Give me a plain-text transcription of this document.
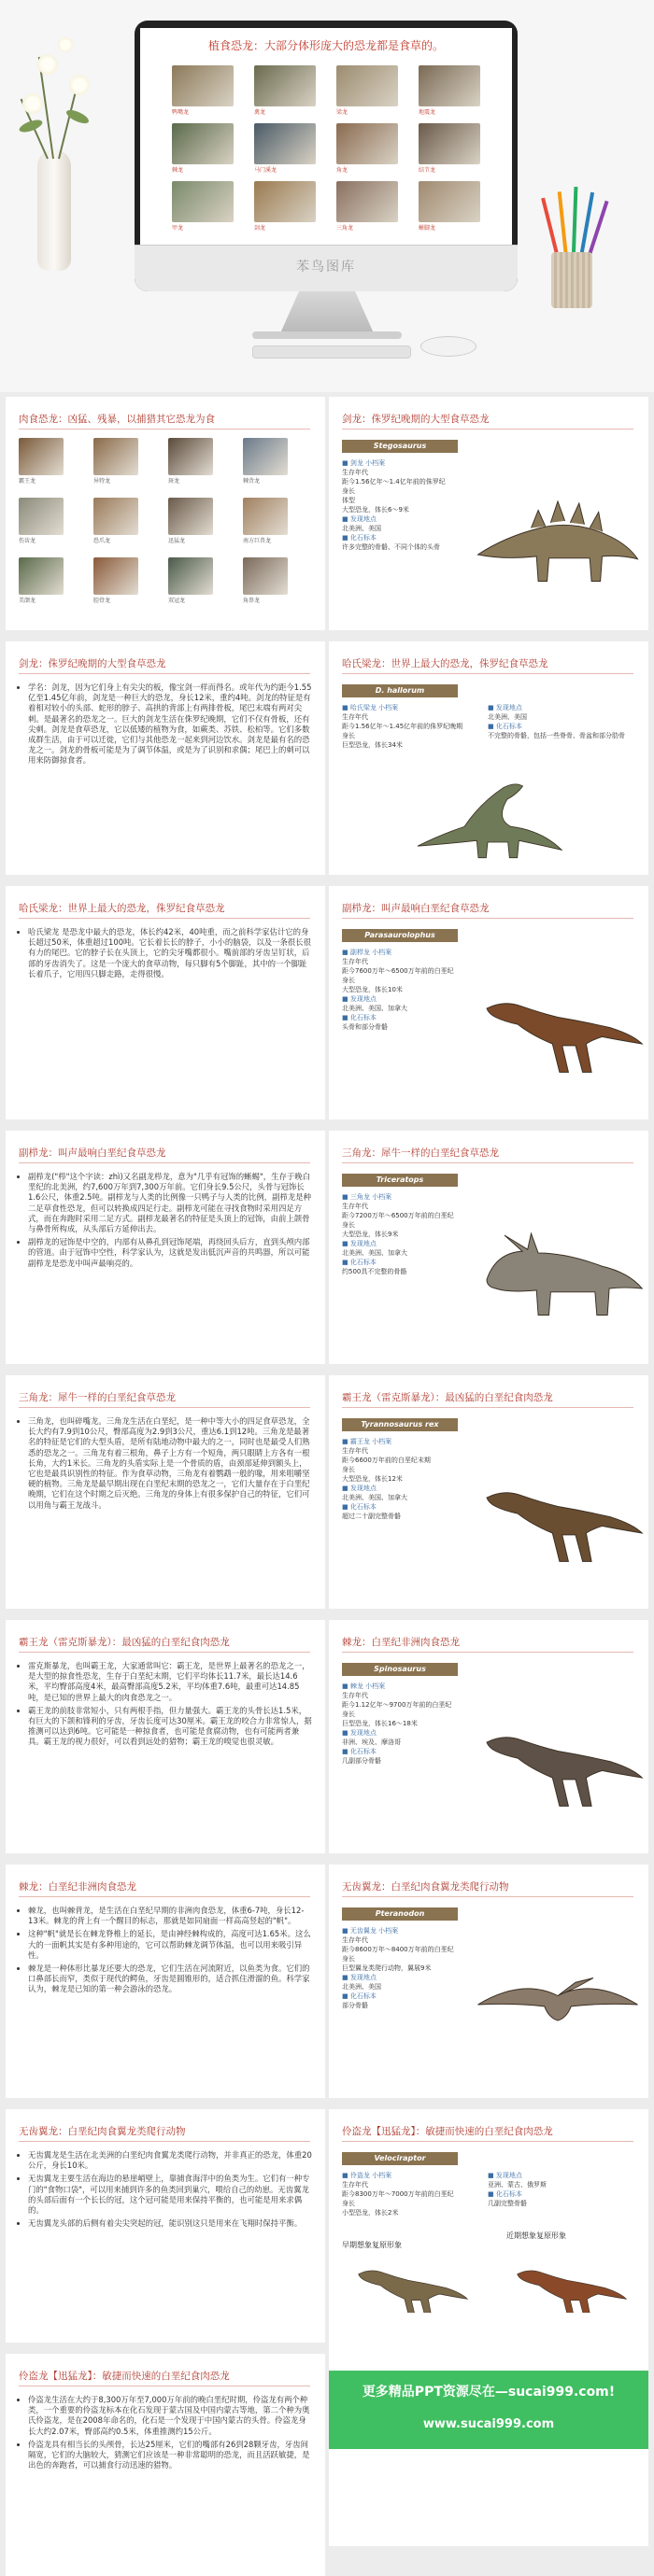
植食恐龙：大部分体形庞大的恐龙都是食草的。
鸭嘴龙	禽龙	梁龙	地震龙
棘龙	马门溪龙	角龙	结节龙
甲龙	剑龙	三角龙	蜥脚龙
苯鸟图库
肉食恐龙：凶猛、残暴，以捕猎其它恐龙为食
霸王龙	异特龙	斑龙	棘背龙
伤齿龙	恐爪龙	迅猛龙	南方巨兽龙
美颌龙	腔骨龙	双冠龙	角鼻龙
剑龙：侏罗纪晚期的大型食草恐龙
Stegosaurus
■ 剑龙 小档案
生存年代
距今1.56亿年～1.4亿年前的侏罗纪
身长
体型
大型恐龙，体长6～9米
■ 发现地点
北美洲、美国
■ 化石标本
许多完整的骨骼、不同个体的头骨
剑龙：侏罗纪晚期的大型食草恐龙
• 学名：剑龙，因为它们身上有尖尖的板，像宝剑一样而得名。或年代为约距今1.55亿至1.45亿年前，剑龙是一种巨大的恐龙，身长12米，重约4吨。剑龙的特征是有着相对较小的头部、蛇形的脖子、高拱的背部上有两排骨板，尾巴末端有两对尖刺。是最著名的恐龙之一。巨大的剑龙生活在侏罗纪晚期，它们不仅有骨板，还有尖刺。剑龙是食草恐龙，它以低矮的植物为食，如蕨类、苏铁、松柏等。它们多数成群生活，由于可以迁徙，它们与其他恐龙一起来到河边饮水。剑龙是最有名的恐龙之一。剑龙的骨板可能是为了调节体温，或是为了识别和求偶；尾巴上的刺可以用来防御掠食者。
哈氏梁龙：世界上最大的恐龙，侏罗纪食草恐龙
D. hallorum
■ 哈氏梁龙 小档案
生存年代
距今1.56亿年～1.45亿年前的侏罗纪晚期
身长
巨型恐龙，体长34米
■ 发现地点
北美洲、美国
■ 化石标本
不完整的骨骼，包括一些脊骨、骨盆和部分肋骨
哈氏梁龙：世界上最大的恐龙，侏罗纪食草恐龙
• 哈氏梁龙 是恐龙中最大的恐龙，体长约42米，40吨重，而之前科学家估计它的身长超过50米，体重超过100吨。它长着长长的脖子，小小的脑袋，以及一条很长很有力的尾巴。它的脖子长在头顶上，它的尖牙嘴都很小。嘴前部的牙齿呈钉状，后部的牙齿消失了。这是一个庞大的食草动物，每只脚有5个脚趾，其中的一个脚趾长着爪子，它用四只脚走路，走得很慢。
副栉龙：叫声最响白垩纪食草恐龙
Parasaurolophus
■ 副栉龙 小档案
生存年代
距今7600万年～6500万年前的白垩纪
身长
大型恐龙，体长10米
■ 发现地点
北美洲、美国、加拿大
■ 化石标本
头骨和部分骨骼
副栉龙：叫声最响白垩纪食草恐龙
• 副栉龙("栉"这个字读：zhì)又名副龙栉龙，意为"几乎有冠饰的蜥蜴"，生存于晚白垩纪的北美洲，约7,600万年到7,300万年前。它们身长9.5公尺，头骨与冠饰长1.6公尺，体重2.5吨。副栉龙与人类的比例像一只鸭子与人类的比例，副栉龙是种二足草食性恐龙，但可以转换成四足行走。副栉龙可能在寻找食物时采用四足方式，而在奔跑时采用二足方式。副栉龙最著名的特征是头顶上的冠饰，由前上颌骨与鼻骨所构成，从头部后方延伸出去。
• 副栉龙的冠饰是中空的，内部有从鼻孔到冠饰尾端，再绕回头后方，直到头颅内部的管道。由于冠饰中空性，科学家认为，这就是发出低沉声音的共鸣器，所以可能副栉龙是恐龙中叫声最响亮的。
三角龙：犀牛一样的白垩纪食草恐龙
Triceratops
■ 三角龙 小档案
生存年代
距今7200万年～6500万年前的白垩纪
身长
大型恐龙，体长9米
■ 发现地点
北美洲、美国、加拿大
■ 化石标本
约500具不完整的骨骼
三角龙：犀牛一样的白垩纪食草恐龙
• 三角龙，也叫碎嘴龙。三角龙生活在白垩纪，是一种中等大小的四足食草恐龙，全长大约有7.9到10公尺，臀部高度为2.9到3公尺，重达6.1到12吨。三角龙是最著名的特征是它们的大型头盾，是所有陆地动物中最大的之一，同时也是最受人们熟悉的恐龙之一。三角龙有着三根角，鼻子上方有一个短角，两只眼睛上方各有一根长角，大约1米长。三角龙的头盾实际上是一个骨质的盾，由颈部延伸到额头上，它也是最具识别性的特征。作为食草动物，三角龙有着鹦鹉一般的喙，用来咀嚼坚硬的植物。三角龙是最早期出现在白垩纪末期的恐龙之一，它们大量存在于白垩纪晚期，它们在这个时期之后灭绝。三角龙的身体上有很多保护自己的特征，它们可以用角与霸王龙战斗。
霸王龙（雷克斯暴龙）：最凶猛的白垩纪食肉恐龙
Tyrannosaurus rex
■ 霸王龙 小档案
生存年代
距今6600万年前的白垩纪末期
身长
大型恐龙，体长12米
■ 发现地点
北美洲、美国、加拿大
■ 化石标本
超过二十副完整骨骼
霸王龙（雷克斯暴龙）：最凶猛的白垩纪食肉恐龙
• 雷克斯暴龙，也叫霸王龙，大家通常叫它：霸王龙，是世界上最著名的恐龙之一，是大型的掠食性恐龙，生存于白垩纪末期，它们平均体长11.7米，最长达14.6米，平均臀部高度4米，最高臀部高度5.2米，平均体重7.6吨，最重可达14.85吨，是已知的世界上最大的肉食恐龙之一。
• 霸王龙的前肢非常短小，只有两根手指，但力量强大。霸王龙的头骨长达1.5米，有巨大的下颌和锋利的牙齿，牙齿长度可达30厘米。霸王龙的咬合力非常惊人，据推测可以达到6吨。它可能是一种掠食者，也可能是食腐动物，也有可能两者兼具。霸王龙的视力很好，可以看到远处的猎物；霸王龙的嗅觉也很灵敏。
棘龙：白垩纪非洲肉食恐龙
Spinosaurus
■ 棘龙 小档案
生存年代
距今1.12亿年～9700万年前的白垩纪
身长
巨型恐龙，体长16～18米
■ 发现地点
非洲、埃及、摩洛哥
■ 化石标本
几副部分骨骼
棘龙：白垩纪非洲肉食恐龙
• 棘龙，也叫棘背龙，是生活在白垩纪早期的非洲肉食恐龙，体重6-7吨，身长12-13米。棘龙的背上有一个醒目的标志，那就是如同扇面一样高高竖起的"帆"。
• 这种"帆"就是长在棘龙脊椎上的延长，是由神经棘构成的，高度可达1.65米。这么大的一面帆其实是有多种用途的，它可以帮助棘龙调节体温，也可以用来吸引异性。
• 棘龙是一种体形比暴龙还要大的恐龙，它们生活在河流附近，以鱼类为食。它们的口鼻部长而窄，类似于现代的鳄鱼，牙齿是圆锥形的，适合抓住滑溜的鱼。科学家认为，棘龙是已知的第一种会游泳的恐龙。
无齿翼龙：白垩纪肉食翼龙类爬行动物
Pteranodon
■ 无齿翼龙 小档案
生存年代
距今8600万年～8400万年前的白垩纪
身长
巨型翼龙类爬行动物，翼展9米
■ 发现地点
北美洲、美国
■ 化石标本
部分骨骼
无齿翼龙：白垩纪肉食翼龙类爬行动物
• 无齿翼龙是生活在北美洲的白垩纪肉食翼龙类爬行动物，并非真正的恐龙，体重20公斤，身长10米。
• 无齿翼龙主要生活在海边的悬崖峭壁上，靠捕食海洋中的鱼类为生。它们有一种专门的"食物口袋"，可以用来捕到许多的鱼类回到巢穴，喂给自己的幼崽。无齿翼龙的头部后面有一个长长的冠，这个冠可能是用来保持平衡的，也可能是用来求偶的。
• 无齿翼龙头部的后侧有着尖尖突起的冠，能识别这只是用来在飞翔时保持平衡。
伶盗龙【迅猛龙】：敏捷而快速的白垩纪食肉恐龙
Velociraptor
■ 伶盗龙 小档案
生存年代
距今8300万年～7000万年前的白垩纪
身长
小型恐龙，体长2米
■ 发现地点
亚洲、蒙古、俄罗斯
■ 化石标本
几副完整骨骼
早期想象复原形象
近期想象复原形象
伶盗龙【迅猛龙】：敏捷而快速的白垩纪食肉恐龙
• 伶盗龙生活在大约于8,300万年至7,000万年前的晚白垩纪时期，伶盗龙有两个种类，一个重要的伶盗龙标本在化石发现于蒙古国及中国内蒙古等地，第二个种为奥氏伶盗龙，是在2008年命名的，化石是一个发现于中国内蒙古的头骨。伶盗龙身长大约2.07米，臀部高约0.5米，体重推测约15公斤。
• 伶盗龙具有相当长的头颅骨，长达25厘米，它们的嘴部有26到28颗牙齿，牙齿间隔宽，它们的大脑较大，猜测它们应该是一种非常聪明的恐龙，而且活跃敏捷，是出色的奔跑者，可以捕食行动迅速的猎物。
更多精品PPT资源尽在—sucai999.com!
www.sucai999.com
